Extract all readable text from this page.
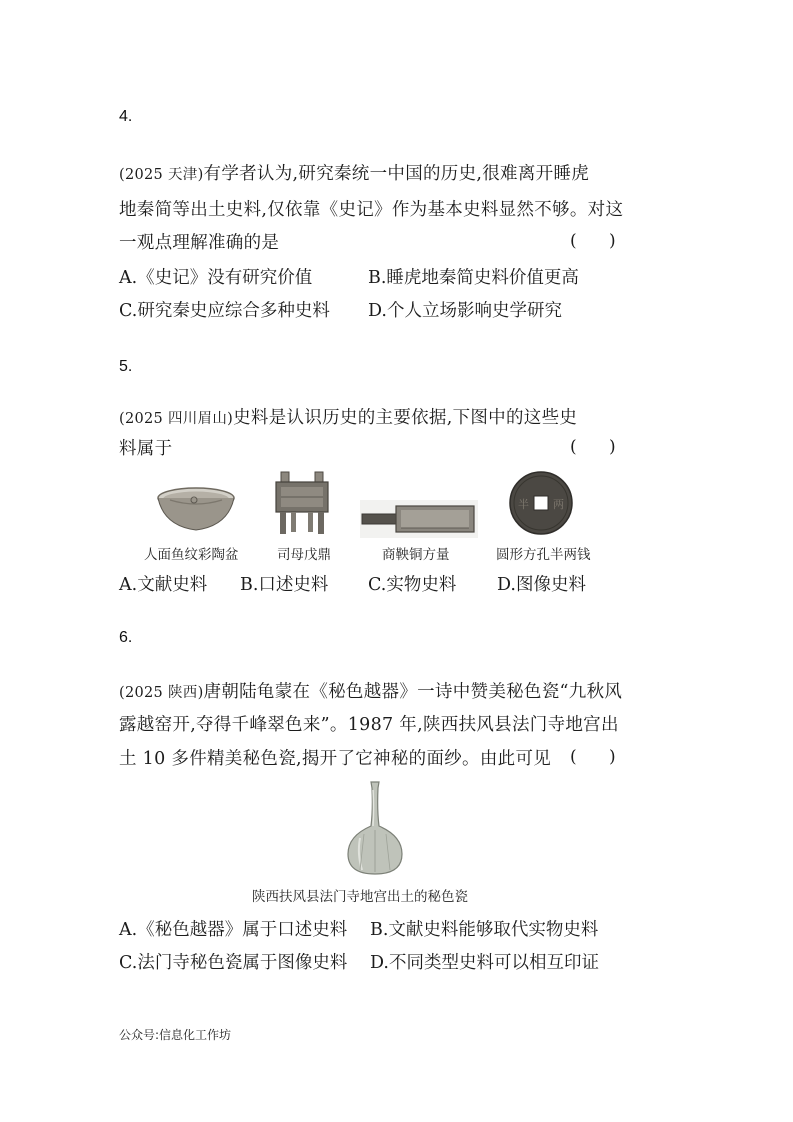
4.
(2025 天津)有学者认为,研究秦统一中国的历史,很难离开睡虎
地秦简等出土史料,仅依靠《史记》作为基本史料显然不够。对这
一观点理解准确的是	(      )
A.《史记》没有研究价值	B.睡虎地秦简史料价值更高
C.研究秦史应综合多种史料 D.个人立场影响史学研究
5.
(2025 四川眉山)史料是认识历史的主要依据,下图中的这些史
料属于	(      )
半 两
人面鱼纹彩陶盆	司母戊鼎	商鞅铜方量	圆形方孔半两钱
A.文献史料 B.口述史料 C.实物史料 D.图像史料
6.
(2025 陕西)唐朝陆龟蒙在《秘色越器》一诗中赞美秘色瓷“九秋风
露越窑开,夺得千峰翠色来”。1987 年,陕西扶风县法门寺地宫出
土 10 多件精美秘色瓷,揭开了它神秘的面纱。由此可见 (      )
陕西扶风县法门寺地宫出土的秘色瓷
A.《秘色越器》属于口述史料 B.文献史料能够取代实物史料
C.法门寺秘色瓷属于图像史料 D.不同类型史料可以相互印证
公众号:信息化工作坊
